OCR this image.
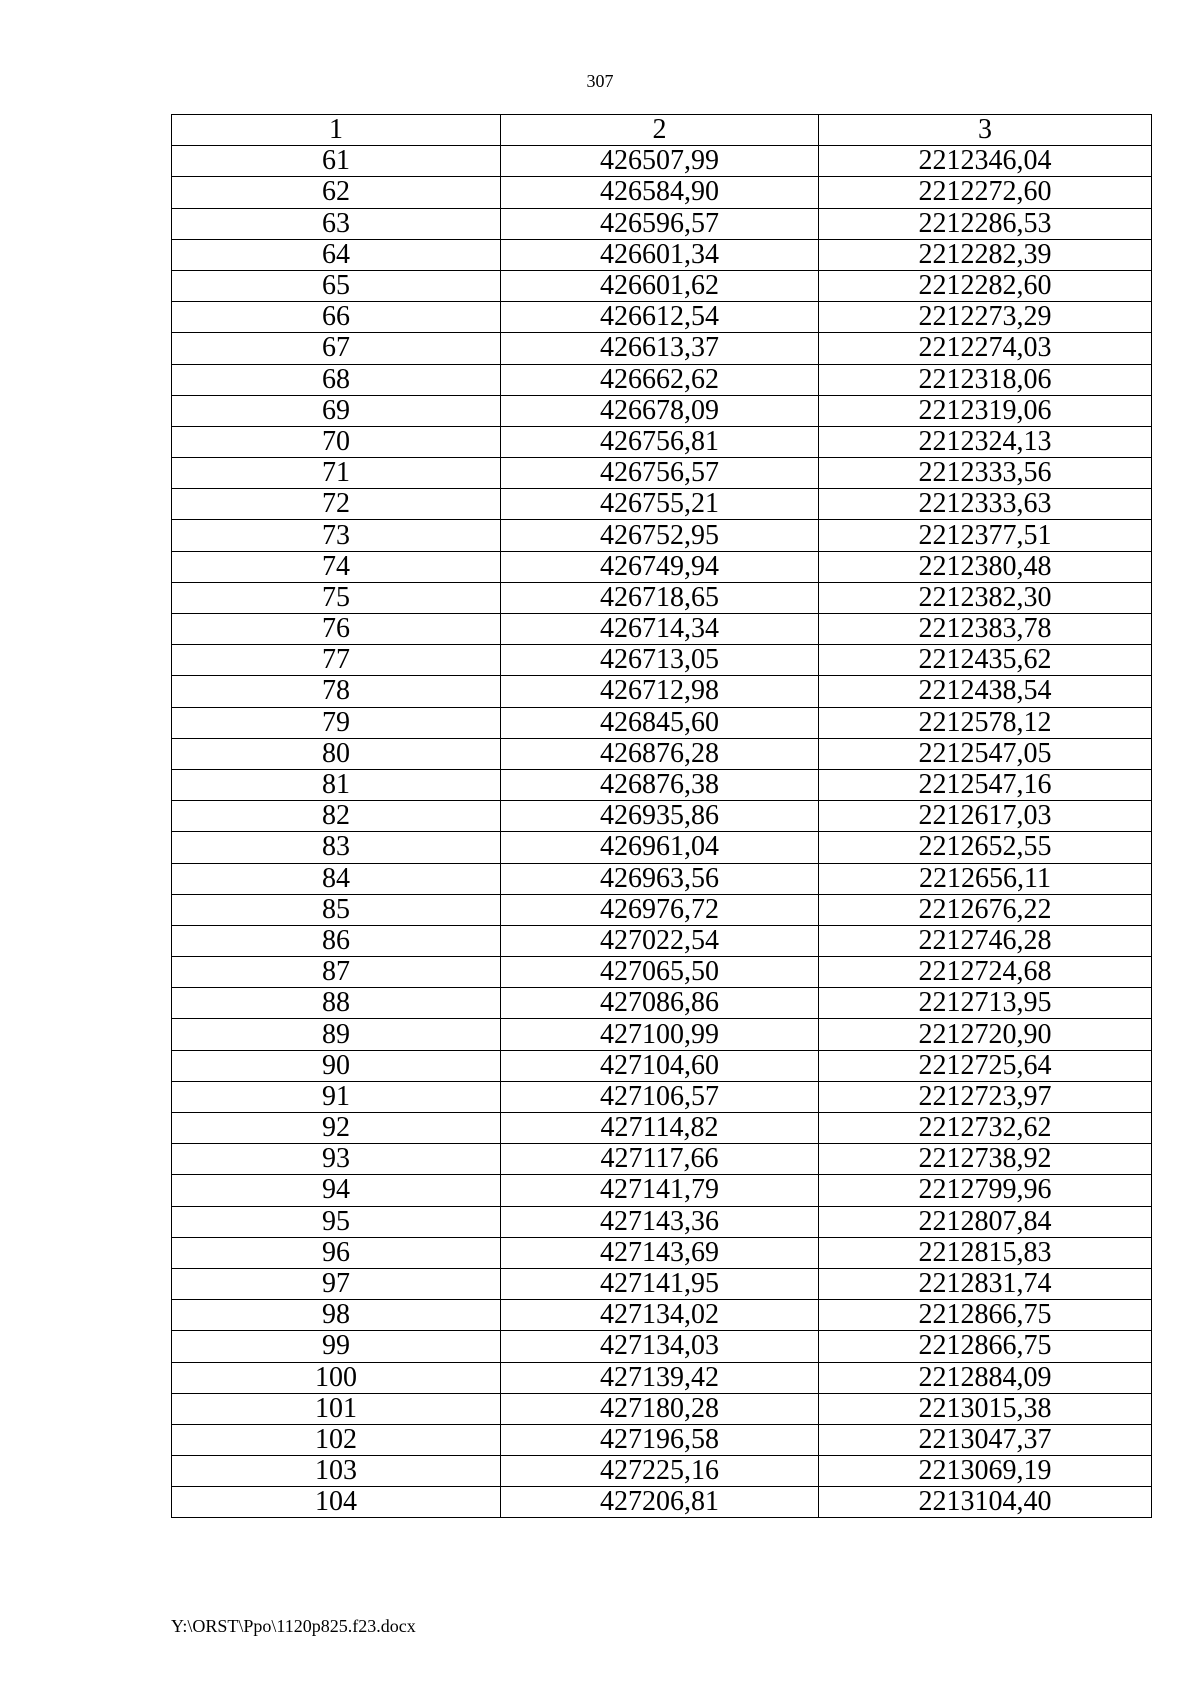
307
1	2	3
61	426507,99	2212346,04
62	426584,90	2212272,60
63	426596,57	2212286,53
64	426601,34	2212282,39
65	426601,62	2212282,60
66	426612,54	2212273,29
67	426613,37	2212274,03
68	426662,62	2212318,06
69	426678,09	2212319,06
70	426756,81	2212324,13
71	426756,57	2212333,56
72	426755,21	2212333,63
73	426752,95	2212377,51
74	426749,94	2212380,48
75	426718,65	2212382,30
76	426714,34	2212383,78
77	426713,05	2212435,62
78	426712,98	2212438,54
79	426845,60	2212578,12
80	426876,28	2212547,05
81	426876,38	2212547,16
82	426935,86	2212617,03
83	426961,04	2212652,55
84	426963,56	2212656,11
85	426976,72	2212676,22
86	427022,54	2212746,28
87	427065,50	2212724,68
88	427086,86	2212713,95
89	427100,99	2212720,90
90	427104,60	2212725,64
91	427106,57	2212723,97
92	427114,82	2212732,62
93	427117,66	2212738,92
94	427141,79	2212799,96
95	427143,36	2212807,84
96	427143,69	2212815,83
97	427141,95	2212831,74
98	427134,02	2212866,75
99	427134,03	2212866,75
100	427139,42	2212884,09
101	427180,28	2213015,38
102	427196,58	2213047,37
103	427225,16	2213069,19
104	427206,81	2213104,40
Y:\ORST\Ppo\1120p825.f23.docx
